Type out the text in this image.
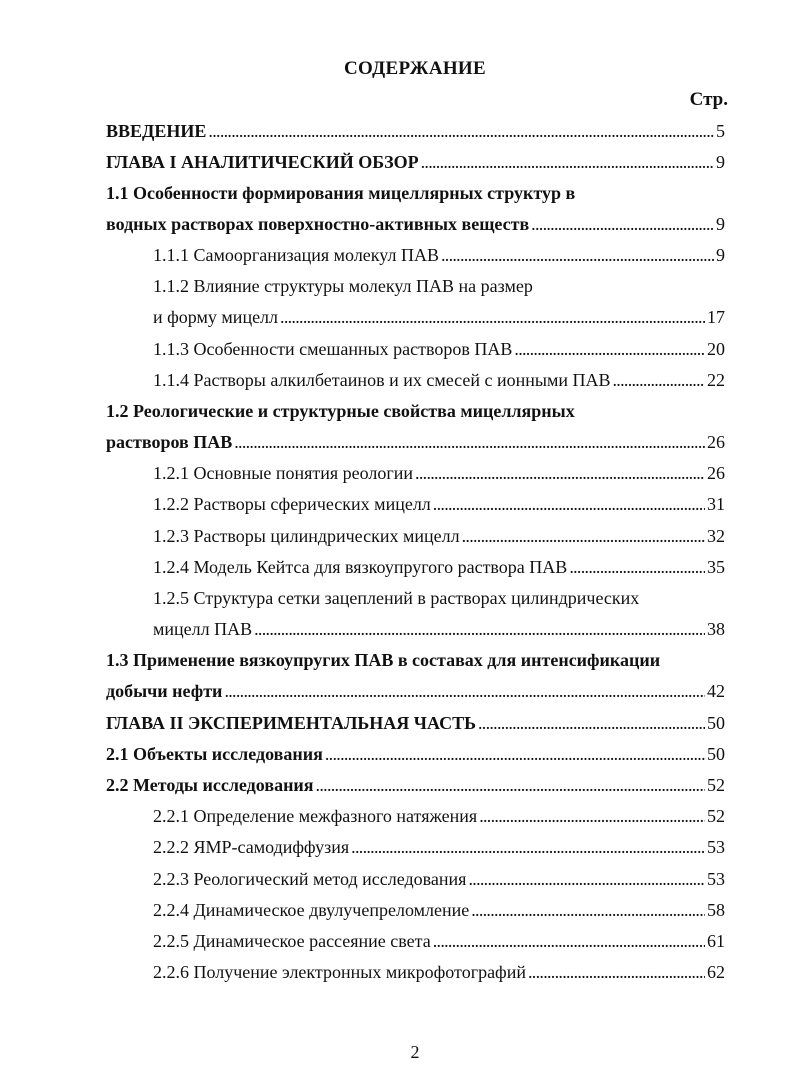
СОДЕРЖАНИЕ
Стр.
ВВЕДЕНИЕ . . .	5
ГЛАВА I АНАЛИТИЧЕСКИЙ ОБЗОР . . .	9
1.1 Особенности формирования мицеллярных структур в
водных растворах поверхностно-активных веществ . . .	9
1.1.1 Самоорганизация молекул ПАВ . . .	9
1.1.2 Влияние структуры молекул ПАВ на размер
и форму мицелл . . .	17
1.1.3 Особенности смешанных растворов ПАВ . . .	20
1.1.4 Растворы алкилбетаинов и их смесей с ионными ПАВ . . .	22
1.2 Реологические и структурные свойства мицеллярных
растворов ПАВ . . .	26
1.2.1 Основные понятия реологии . . .	26
1.2.2 Растворы сферических мицелл . . .	31
1.2.3 Растворы цилиндрических мицелл . . .	32
1.2.4 Модель Кейтса для вязкоупругого раствора ПАВ . . .	35
1.2.5 Структура сетки зацеплений в растворах цилиндрических
мицелл ПАВ . . .	38
1.3 Применение вязкоупругих ПАВ в составах для интенсификации
добычи нефти . . .	42
ГЛАВА II ЭКСПЕРИМЕНТАЛЬНАЯ ЧАСТЬ . . .	50
2.1 Объекты исследования . . .	50
2.2 Методы исследования . . .	52
2.2.1 Определение межфазного натяжения . . .	52
2.2.2 ЯМР-самодиффузия . . .	53
2.2.3 Реологический метод исследования . . .	53
2.2.4 Динамическое двулучепреломление . . .	58
2.2.5 Динамическое рассеяние света . . .	61
2.2.6 Получение электронных микрофотографий . . .	62
2
